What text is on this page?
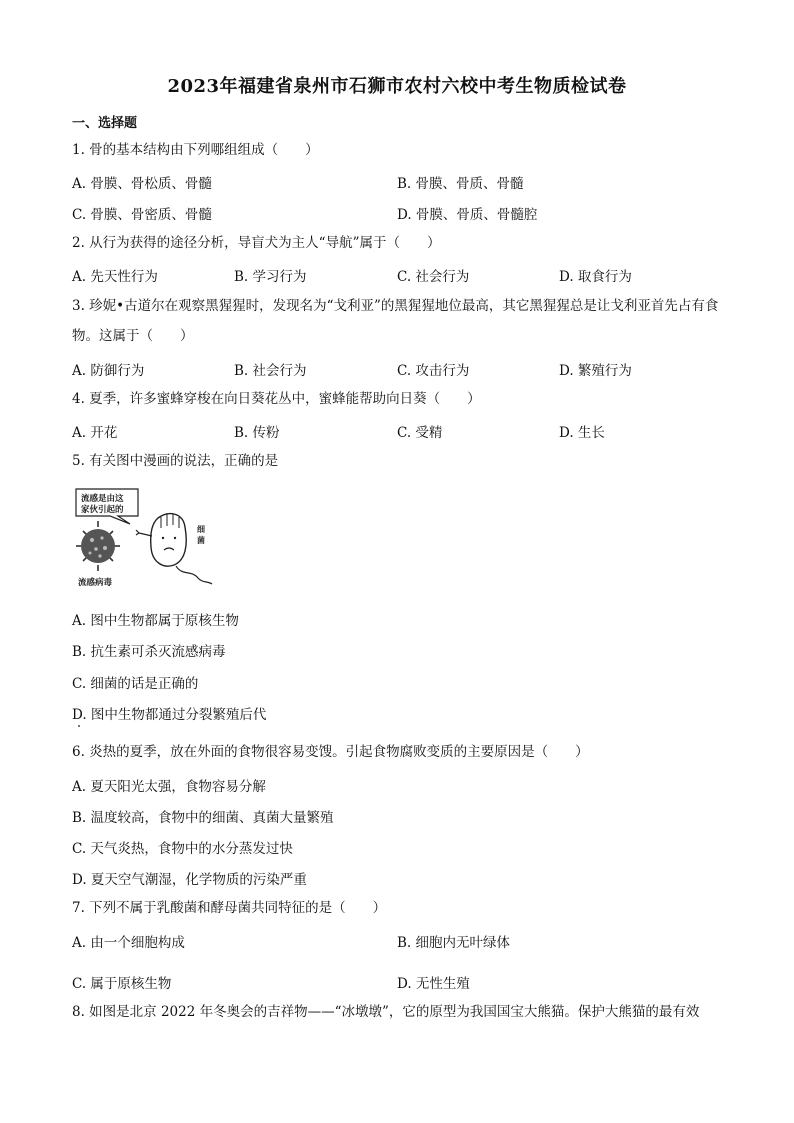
2023年福建省泉州市石狮市农村六校中考生物质检试卷
一、选择题
1. 骨的基本结构由下列哪组组成（　　）
A. 骨膜、骨松质、骨髓	B. 骨膜、骨质、骨髓
C. 骨膜、骨密质、骨髓	D. 骨膜、骨质、骨髓腔
2. 从行为获得的途径分析，导盲犬为主人“导航”属于（　　）
A. 先天性行为	B. 学习行为	C. 社会行为	D. 取食行为
3. 珍妮•古道尔在观察黑猩猩时，发现名为“戈利亚”的黑猩猩地位最高，其它黑猩猩总是让戈利亚首先占有食物。这属于（　　）
A. 防御行为	B. 社会行为	C. 攻击行为	D. 繁殖行为
4. 夏季，许多蜜蜂穿梭在向日葵花丛中，蜜蜂能帮助向日葵（　　）
A. 开花	B. 传粉	C. 受精	D. 生长
5. 有关图中漫画的说法，正确的是
流感是由这
家伙引起的
流感病毒
细
菌
A. 图中生物都属于原核生物
B. 抗生素可杀灭流感病毒
C. 细菌的话是正确的
D. 图中生物都通过分裂繁殖后代
6. 炎热的夏季，放在外面的食物很容易变馊。引起食物腐败变质的主要原因是（　　）
A. 夏天阳光太强，食物容易分解
B. 温度较高，食物中的细菌、真菌大量繁殖
C. 天气炎热，食物中的水分蒸发过快
D. 夏天空气潮湿，化学物质的污染严重
7. 下列不属于乳酸菌和酵母菌共同特征的是（　　）
A. 由一个细胞构成	B. 细胞内无叶绿体
C. 属于原核生物	D. 无性生殖
8. 如图是北京 2022 年冬奥会的吉祥物——“冰墩墩”，它的原型为我国国宝大熊猫。保护大熊猫的最有效
